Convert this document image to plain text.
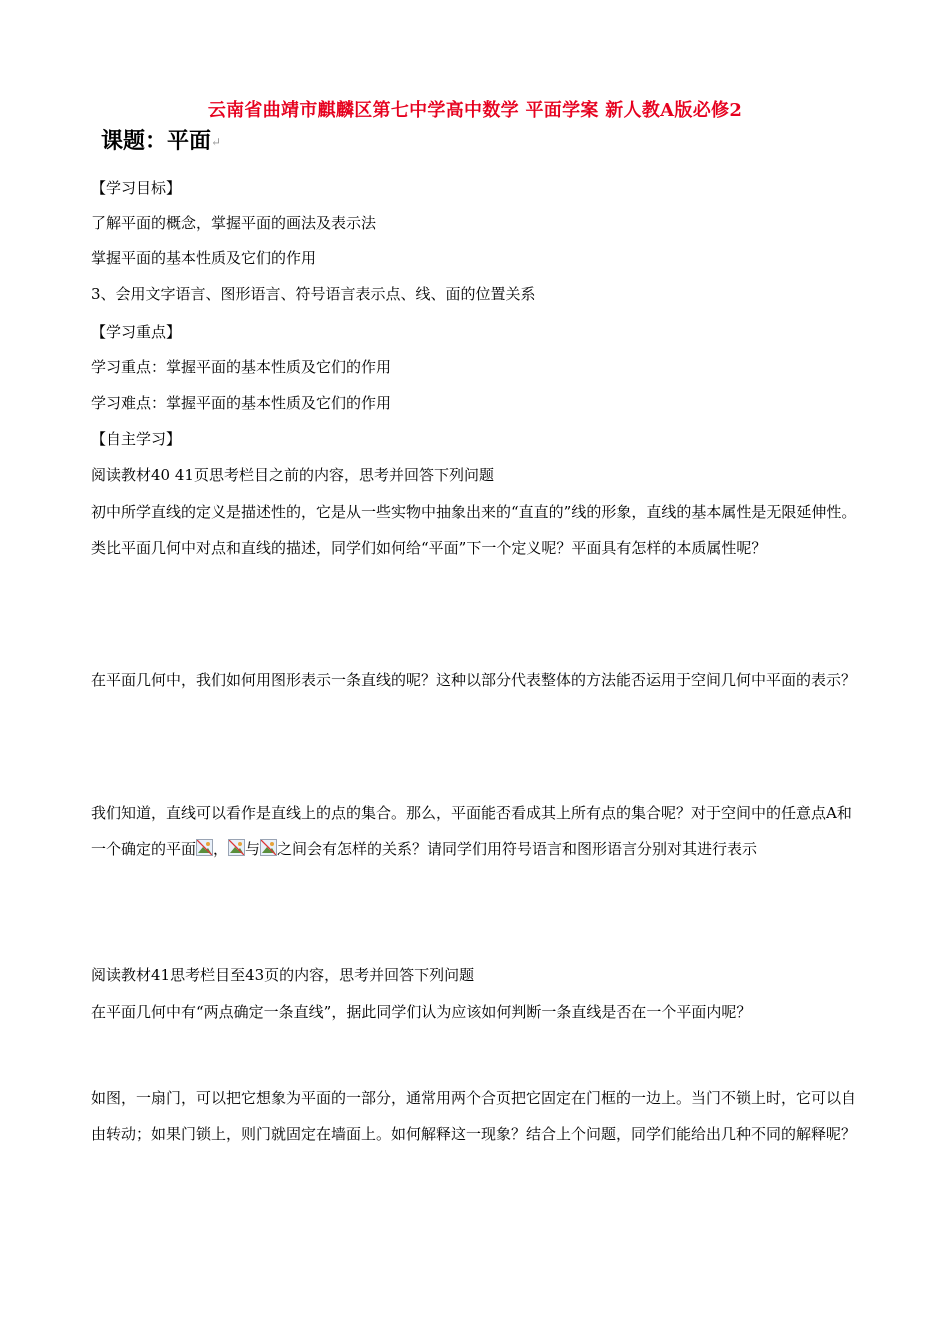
云南省曲靖市麒麟区第七中学高中数学 平面学案 新人教A版必修2
课题：平面↵
【学习目标】
了解平面的概念，掌握平面的画法及表示法
掌握平面的基本性质及它们的作用
3、会用文字语言、图形语言、符号语言表示点、线、面的位置关系
【学习重点】
学习重点：掌握平面的基本性质及它们的作用
学习难点：掌握平面的基本性质及它们的作用
【自主学习】
阅读教材40 41页思考栏目之前的内容，思考并回答下列问题
初中所学直线的定义是描述性的，它是从一些实物中抽象出来的“直直的”线的形象，直线的基本属性是无限延伸性。类比平面几何中对点和直线的描述，同学们如何给“平面”下一个定义呢？平面具有怎样的本质属性呢？
在平面几何中，我们如何用图形表示一条直线的呢？这种以部分代表整体的方法能否运用于空间几何中平面的表示？
我们知道，直线可以看作是直线上的点的集合。那么，平面能否看成其上所有点的集合呢？对于空间中的任意点A和一个确定的平面 ， 与 之间会有怎样的关系？请同学们用符号语言和图形语言分别对其进行表示
阅读教材41思考栏目至43页的内容，思考并回答下列问题
在平面几何中有“两点确定一条直线”，据此同学们认为应该如何判断一条直线是否在一个平面内呢？
如图，一扇门，可以把它想象为平面的一部分，通常用两个合页把它固定在门框的一边上。当门不锁上时，它可以自由转动；如果门锁上，则门就固定在墙面上。如何解释这一现象？结合上个问题，同学们能给出几种不同的解释呢？
